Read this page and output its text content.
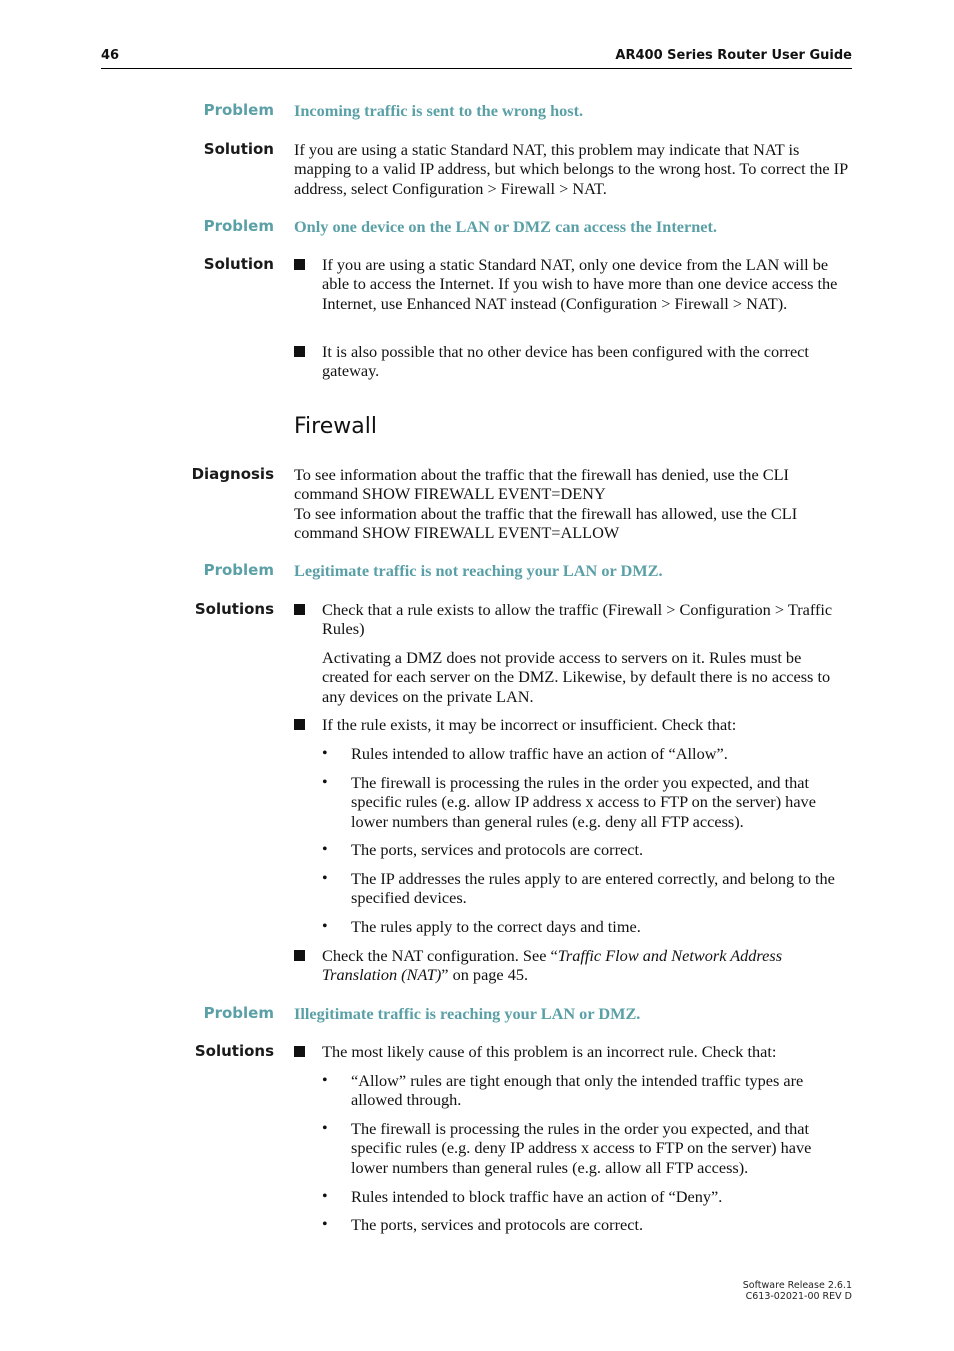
46	AR400 Series Router User Guide
Problem Incoming traffic is sent to the wrong host.
Solution If you are using a static Standard NAT, this problem may indicate that NAT is mapping to a valid IP address, but which belongs to the wrong host. To correct the IP address, select Configuration > Firewall > NAT.
Problem Only one device on the LAN or DMZ can access the Internet.
Solution	If you are using a static Standard NAT, only one device from the LAN will be able to access the Internet. If you wish to have more than one device access the Internet, use Enhanced NAT instead (Configuration > Firewall > NAT).
It is also possible that no other device has been configured with the correct gateway.
Firewall
Diagnosis To see information about the traffic that the firewall has denied, use the CLI command SHOW FIREWALL EVENT=DENY
To see information about the traffic that the firewall has allowed, use the CLI command SHOW FIREWALL EVENT=ALLOW
Problem Legitimate traffic is not reaching your LAN or DMZ.
Solutions	Check that a rule exists to allow the traffic (Firewall > Configuration > Traffic Rules)
Activating a DMZ does not provide access to servers on it. Rules must be created for each server on the DMZ. Likewise, by default there is no access to any devices on the private LAN.
If the rule exists, it may be incorrect or insufficient. Check that:
• Rules intended to allow traffic have an action of “Allow”.
• The firewall is processing the rules in the order you expected, and that specific rules (e.g. allow IP address x access to FTP on the server) have lower numbers than general rules (e.g. deny all FTP access).
• The ports, services and protocols are correct.
• The IP addresses the rules apply to are entered correctly, and belong to the specified devices.
• The rules apply to the correct days and time.
Check the NAT configuration. See “Traffic Flow and Network Address Translation (NAT)” on page 45.
Problem Illegitimate traffic is reaching your LAN or DMZ.
Solutions	The most likely cause of this problem is an incorrect rule. Check that:
• “Allow” rules are tight enough that only the intended traffic types are allowed through.
• The firewall is processing the rules in the order you expected, and that specific rules (e.g. deny IP address x access to FTP on the server) have lower numbers than general rules (e.g. allow all FTP access).
• Rules intended to block traffic have an action of “Deny”.
• The ports, services and protocols are correct.
Software Release 2.6.1
C613-02021-00 REV D
